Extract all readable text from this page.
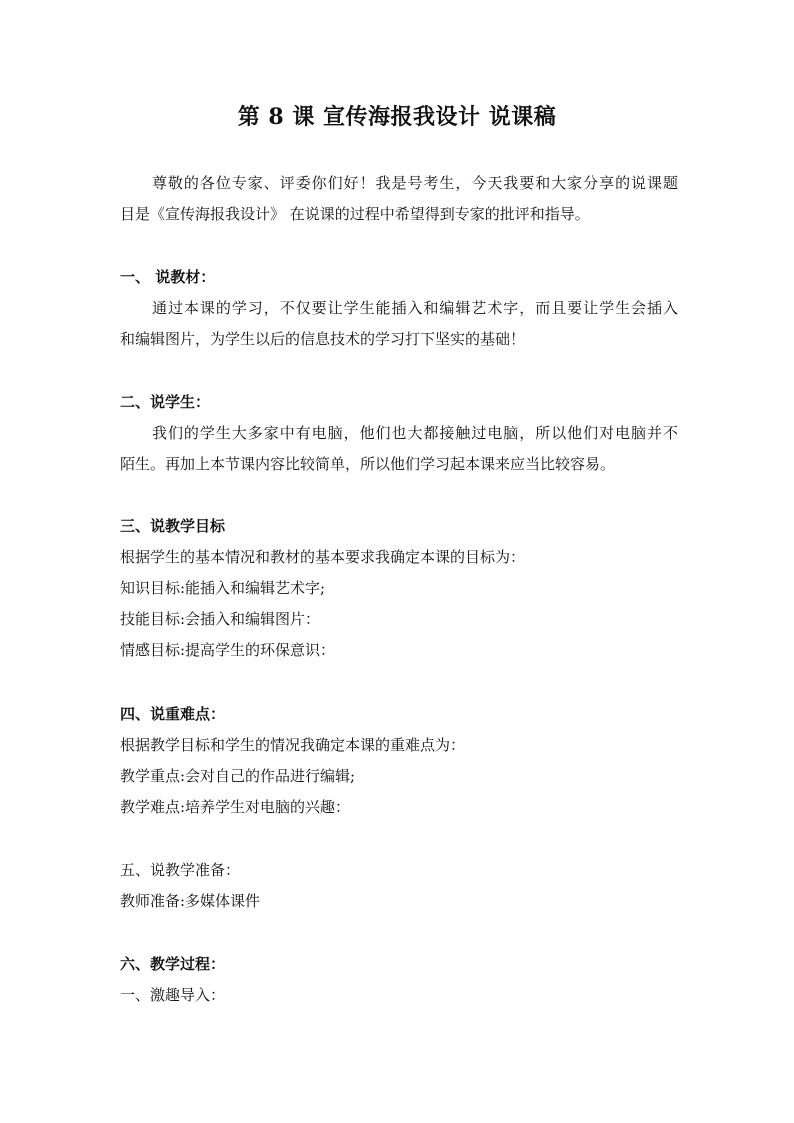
第 8 课 宣传海报我设计 说课稿

尊敬的各位专家、评委你们好！我是号考生，今天我要和大家分享的说课题

目是《宣传海报我设计》 在说课的过程中希望得到专家的批评和指导。

一、 说教材：

通过本课的学习，不仅要让学生能插入和编辑艺术字，而且要让学生会插入

和编辑图片，为学生以后的信息技术的学习打下坚实的基础！

二、说学生：

我们的学生大多家中有电脑，他们也大都接触过电脑，所以他们对电脑并不

陌生。再加上本节课内容比较简单，所以他们学习起本课来应当比较容易。

三、说教学目标

根据学生的基本情况和教材的基本要求我确定本课的目标为：

知识目标:能插入和编辑艺术字;

技能目标:会插入和编辑图片：

情感目标:提高学生的环保意识：

四、说重难点：

根据教学目标和学生的情况我确定本课的重难点为：

教学重点:会对自己的作品进行编辑;

教学难点:培养学生对电脑的兴趣：

五、说教学准备：

教师准备:多媒体课件

六、教学过程：

一、激趣导入：
